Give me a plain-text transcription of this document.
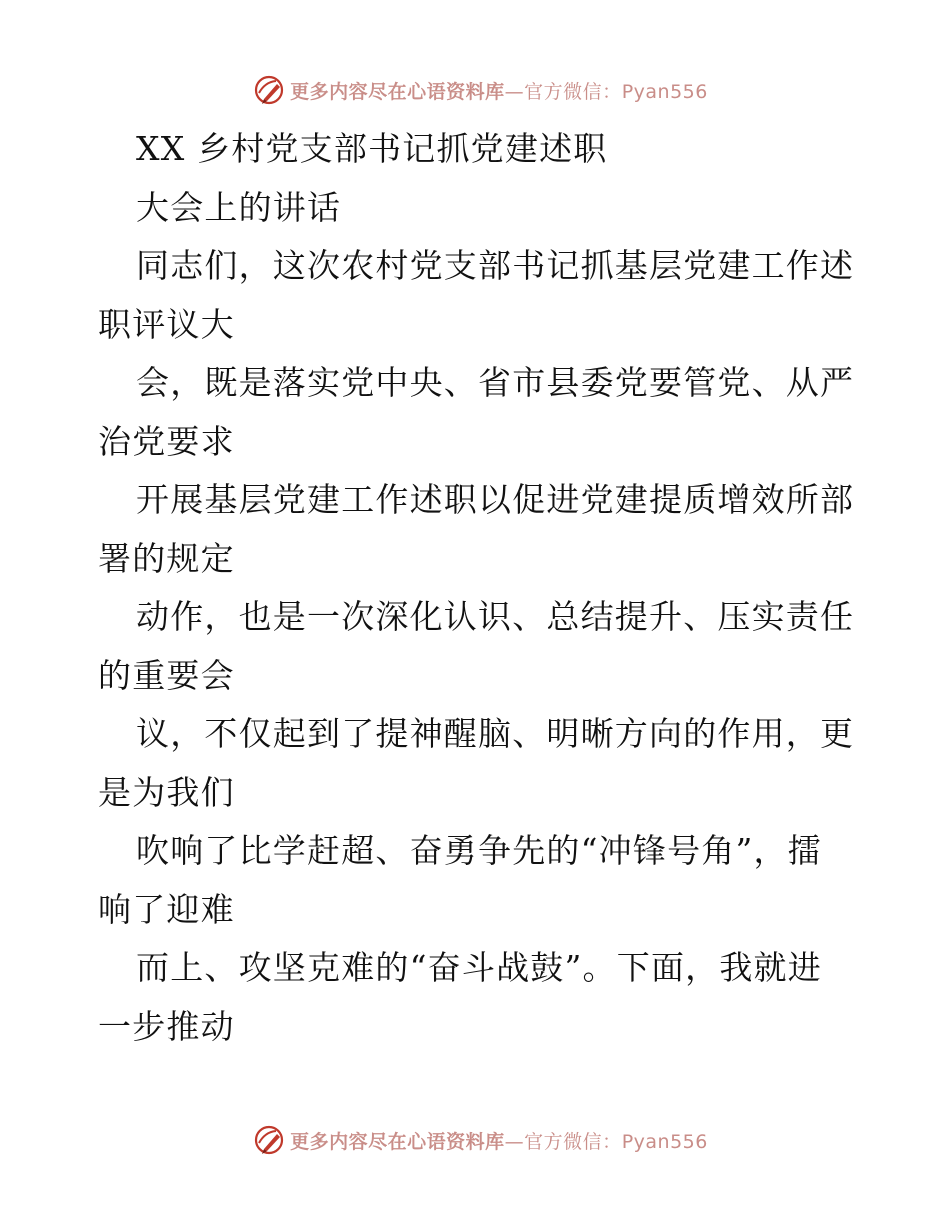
更多内容尽在心语资料库—官方微信：Pyan556
XX 乡村党支部书记抓党建述职
大会上的讲话
同志们，这次农村党支部书记抓基层党建工作述
职评议大
会，既是落实党中央、省市县委党要管党、从严
治党要求
开展基层党建工作述职以促进党建提质增效所部
署的规定
动作，也是一次深化认识、总结提升、压实责任
的重要会
议，不仅起到了提神醒脑、明晰方向的作用，更
是为我们
吹响了比学赶超、奋勇争先的“冲锋号角”，擂
响了迎难
而上、攻坚克难的“奋斗战鼓”。下面，我就进
一步推动
更多内容尽在心语资料库—官方微信：Pyan556
